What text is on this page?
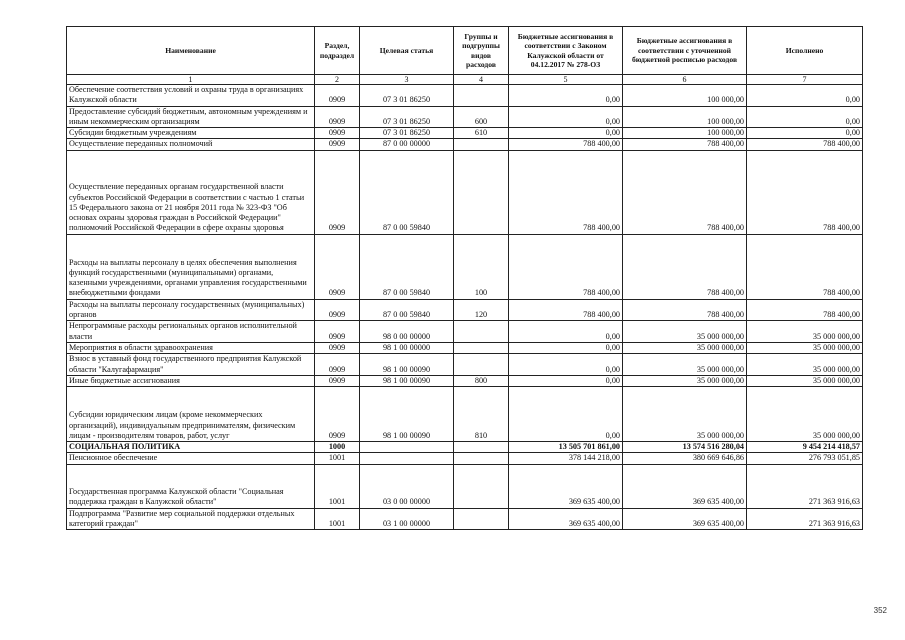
Наименование	Раздел, подраздел	Целевая статья	Группы и подгруппы видов расходов	Бюджетные ассигнования в соответствии с Законом Калужской области от 04.12.2017 № 278-ОЗ	Бюджетные ассигнования в соответствии с уточненной бюджетной росписью расходов	Исполнено
1	2	3	4	5	6	7
Обеспечение соответствия условий и охраны труда в организациях Калужской области	0909	07 3 01 86250		0,00	100 000,00	0,00
Предоставление субсидий бюджетным, автономным учреждениям и иным некоммерческим организациям	0909	07 3 01 86250	600	0,00	100 000,00	0,00
Субсидии бюджетным учреждениям	0909	07 3 01 86250	610	0,00	100 000,00	0,00
Осуществление переданных полномочий	0909	87 0 00 00000		788 400,00	788 400,00	788 400,00
Осуществление переданных органам государственной власти субъектов Российской Федерации в соответствии с частью 1 статьи 15 Федерального закона от 21 ноября 2011 года № 323-ФЗ "Об основах охраны здоровья граждан в Российской Федерации" полномочий Российской Федерации в сфере охраны здоровья	0909	87 0 00 59840		788 400,00	788 400,00	788 400,00
Расходы на выплаты персоналу в целях обеспечения выполнения функций государственными (муниципальными) органами, казенными учреждениями, органами управления государственными внебюджетными фондами	0909	87 0 00 59840	100	788 400,00	788 400,00	788 400,00
Расходы на выплаты персоналу государственных (муниципальных) органов	0909	87 0 00 59840	120	788 400,00	788 400,00	788 400,00
Непрограммные расходы региональных органов исполнительной власти	0909	98 0 00 00000		0,00	35 000 000,00	35 000 000,00
Мероприятия в области здравоохранения	0909	98 1 00 00000		0,00	35 000 000,00	35 000 000,00
Взнос в уставный фонд государственного предприятия Калужской области "Калугафармация"	0909	98 1 00 00090		0,00	35 000 000,00	35 000 000,00
Иные бюджетные ассигнования	0909	98 1 00 00090	800	0,00	35 000 000,00	35 000 000,00
Субсидии юридическим лицам (кроме некоммерческих организаций), индивидуальным предпринимателям, физическим лицам - производителям товаров, работ, услуг	0909	98 1 00 00090	810	0,00	35 000 000,00	35 000 000,00
СОЦИАЛЬНАЯ ПОЛИТИКА	1000			13 505 701 861,00	13 574 516 280,04	9 454 214 418,57
Пенсионное обеспечение	1001			378 144 218,00	380 669 646,86	276 793 051,85
Государственная программа Калужской области "Социальная поддержка граждан в Калужской области"	1001	03 0 00 00000		369 635 400,00	369 635 400,00	271 363 916,63
Подпрограмма "Развитие мер социальной поддержки отдельных категорий граждан"	1001	03 1 00 00000		369 635 400,00	369 635 400,00	271 363 916,63
352
